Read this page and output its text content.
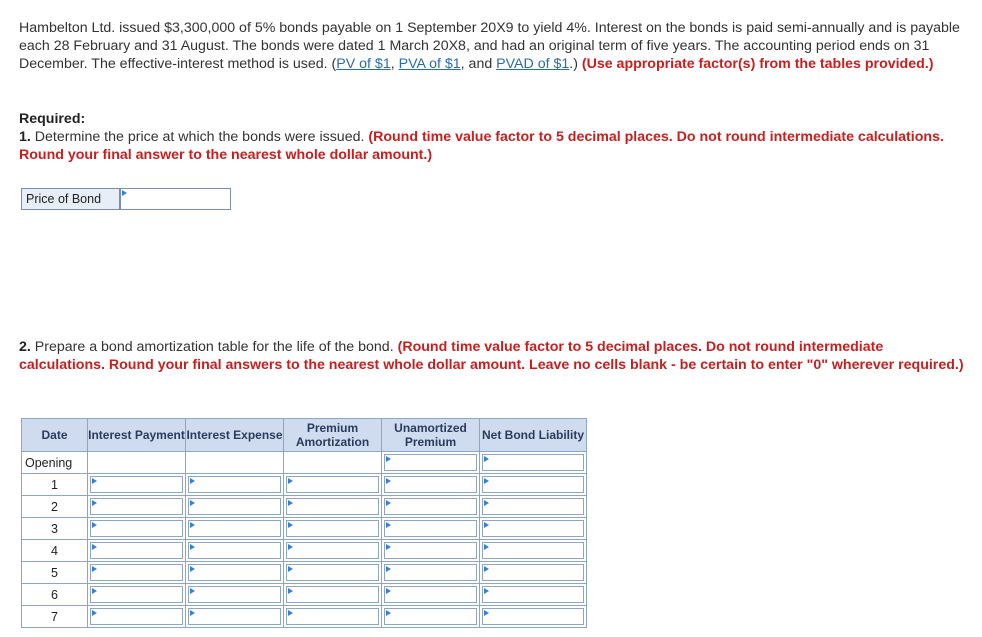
Hambelton Ltd. issued $3,300,000 of 5% bonds payable on 1 September 20X9 to yield 4%. Interest on the bonds is paid semi-annually and is payable each 28 February and 31 August. The bonds were dated 1 March 20X8, and had an original term of five years. The accounting period ends on 31 December. The effective-interest method is used. (PV of $1, PVA of $1, and PVAD of $1.) (Use appropriate factor(s) from the tables provided.)
Required:
1. Determine the price at which the bonds were issued. (Round time value factor to 5 decimal places. Do not round intermediate calculations. Round your final answer to the nearest whole dollar amount.)
Price of Bond
2. Prepare a bond amortization table for the life of the bond. (Round time value factor to 5 decimal places. Do not round intermediate calculations. Round your final answers to the nearest whole dollar amount. Leave no cells blank - be certain to enter "0" wherever required.)
Date	Interest Payment	Interest Expense	Premium Amortization	Unamortized Premium	Net Bond Liability

Opening				

1	

2	

3	

4	

5	

6	

7	
